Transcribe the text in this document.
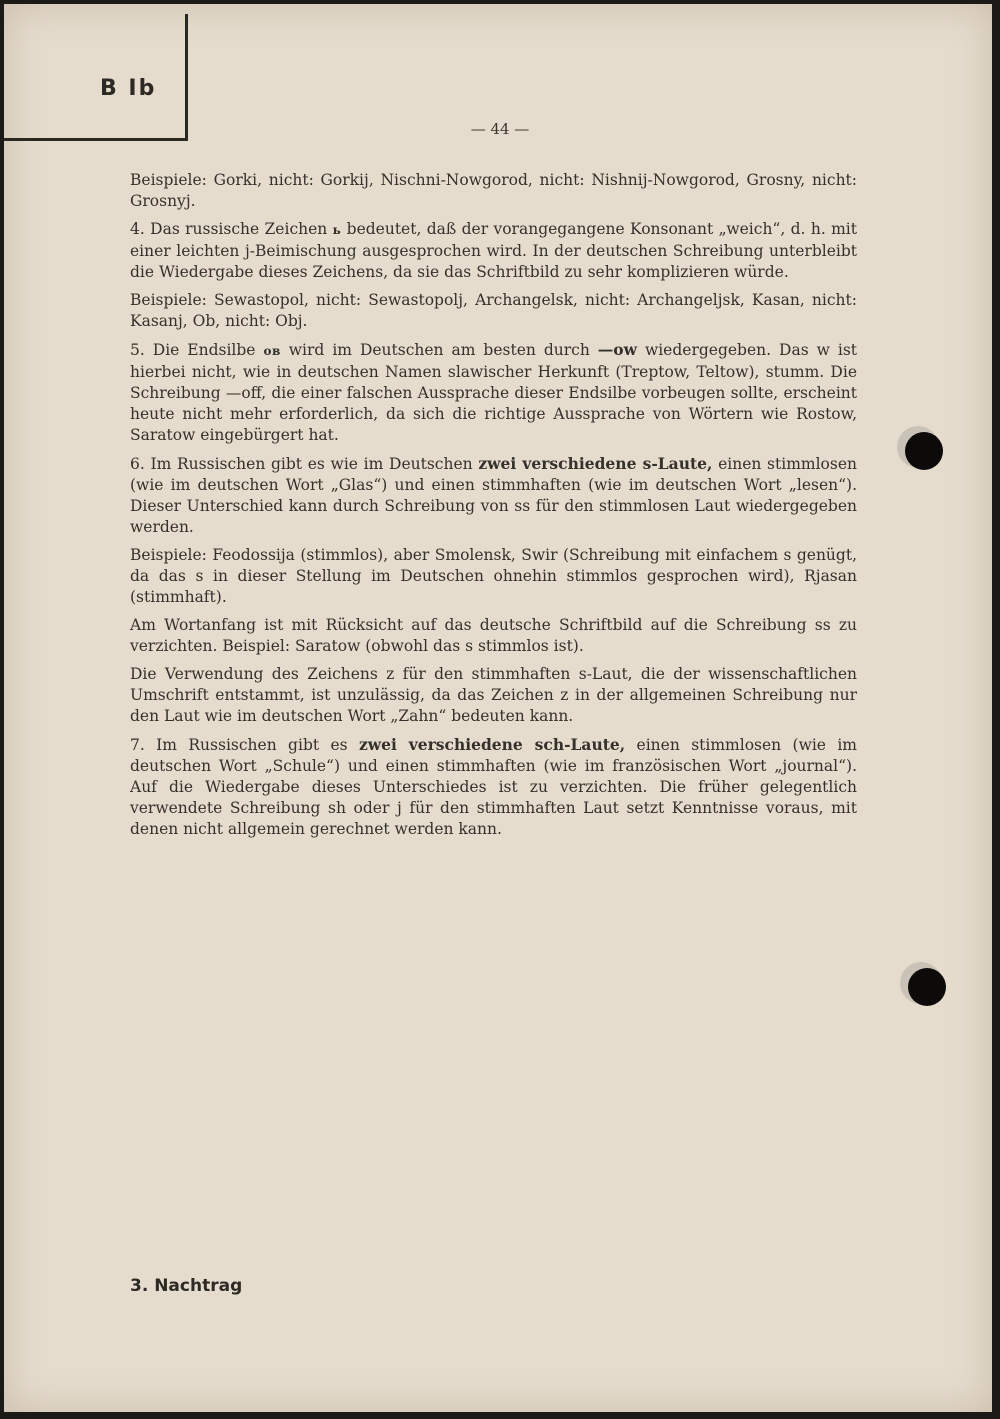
B Ib
— 44 —

Beispiele: Gorki, nicht: Gorkij, Nischni-Nowgorod, nicht: Nishnij-Nowgorod, Grosny, nicht: Grosnyj.

4. Das russische Zeichen ь bedeutet, daß der vorangegangene Konsonant „weich“, d. h. mit einer leichten j-Beimischung ausgesprochen wird. In der deutschen Schreibung unterbleibt die Wiedergabe dieses Zeichens, da sie das Schriftbild zu sehr komplizieren würde.

Beispiele: Sewastopol, nicht: Sewastopolj, Archangelsk, nicht: Archangeljsk, Kasan, nicht: Kasanj, Ob, nicht: Obj.

5. Die Endsilbe ов wird im Deutschen am besten durch —ow wiedergegeben. Das w ist hierbei nicht, wie in deutschen Namen slawischer Herkunft (Treptow, Teltow), stumm. Die Schreibung —off, die einer falschen Aussprache dieser Endsilbe vorbeugen sollte, erscheint heute nicht mehr erforderlich, da sich die richtige Aussprache von Wörtern wie Rostow, Saratow eingebürgert hat.

6. Im Russischen gibt es wie im Deutschen zwei verschiedene s-Laute, einen stimmlosen (wie im deutschen Wort „Glas“) und einen stimmhaften (wie im deutschen Wort „lesen“). Dieser Unterschied kann durch Schreibung von ss für den stimmlosen Laut wiedergegeben werden.

Beispiele: Feodossija (stimmlos), aber Smolensk, Swir (Schreibung mit einfachem s genügt, da das s in dieser Stellung im Deutschen ohnehin stimmlos gesprochen wird), Rjasan (stimmhaft).

Am Wortanfang ist mit Rücksicht auf das deutsche Schriftbild auf die Schreibung ss zu verzichten. Beispiel: Saratow (obwohl das s stimmlos ist).

Die Verwendung des Zeichens z für den stimmhaften s-Laut, die der wissenschaftlichen Umschrift entstammt, ist unzulässig, da das Zeichen z in der allgemeinen Schreibung nur den Laut wie im deutschen Wort „Zahn“ bedeuten kann.

7. Im Russischen gibt es zwei verschiedene sch-Laute, einen stimmlosen (wie im deutschen Wort „Schule“) und einen stimmhaften (wie im französischen Wort „journal“). Auf die Wiedergabe dieses Unterschiedes ist zu verzichten. Die früher gelegentlich verwendete Schreibung sh oder j für den stimmhaften Laut setzt Kenntnisse voraus, mit denen nicht allgemein gerechnet werden kann.

3. Nachtrag
